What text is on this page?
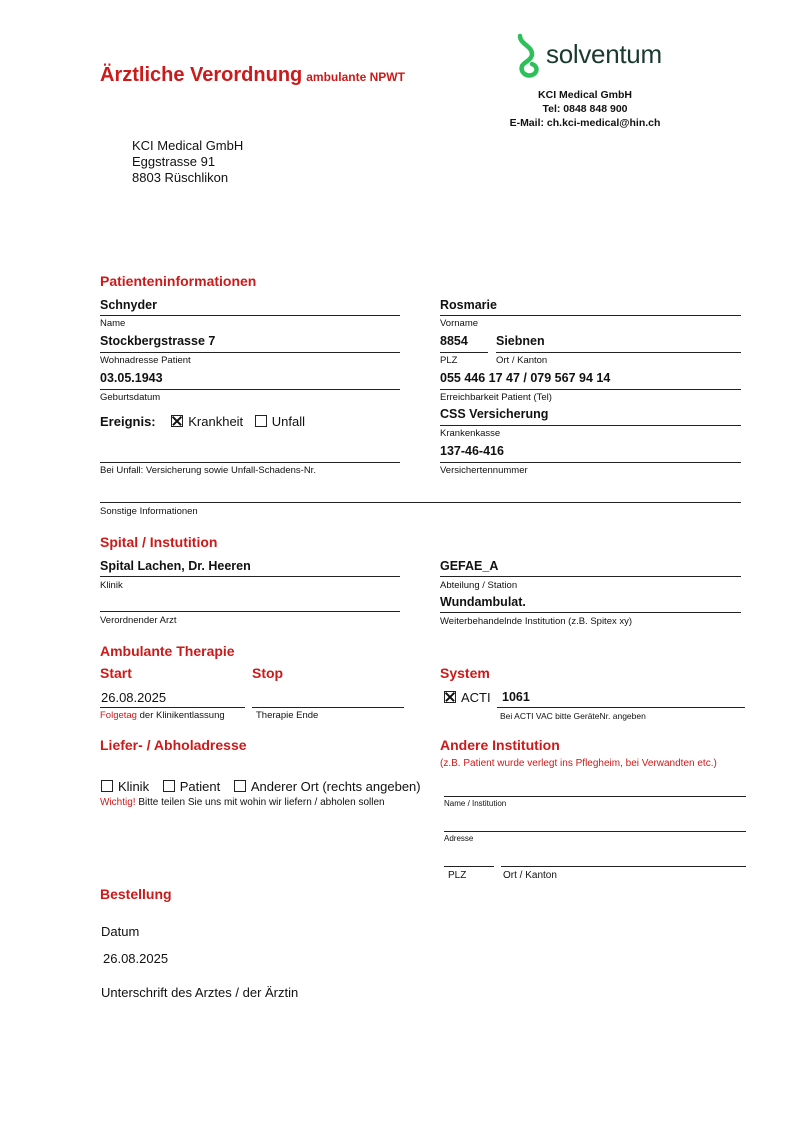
Ärztliche Verordnung ambulante NPWT
solventum
KCI Medical GmbH
Tel: 0848 848 900
E-Mail: ch.kci-medical@hin.ch
KCI Medical GmbH
Eggstrasse 91
8803 Rüschlikon
Patienteninformationen
Schnyder
Name
Rosmarie
Vorname
Stockbergstrasse 7
Wohnadresse Patient
8854
PLZ
Siebnen
Ort / Kanton
03.05.1943
Geburtsdatum
055 446 17 47 / 079 567 94 14
Erreichbarkeit Patient (Tel)
Ereignis:	Krankheit Unfall	CSS Versicherung
Krankenkasse
137-46-416
Versichertennummer
Bei Unfall: Versicherung sowie Unfall-Schadens-Nr.
Sonstige Informationen
Spital / Instutition
Spital Lachen, Dr. Heeren
Klinik
GEFAE_A
Abteilung / Station
Verordnender Arzt
Wundambulat.
Weiterbehandelnde Institution (z.B. Spitex xy)
Ambulante Therapie
Start	Stop	System
26.08.2025
Folgetag der Klinikentlassung	Therapie Ende
ACTI 1061
Bei ACTI VAC bitte GeräteNr. angeben
Liefer- / Abholadresse
Klinik Patient Anderer Ort (rechts angeben)
Wichtig! Bitte teilen Sie uns mit wohin wir liefern / abholen sollen
Andere Institution
(z.B. Patient wurde verlegt ins Pflegheim, bei Verwandten etc.)
Name / Institution
Adresse
PLZ	Ort / Kanton
Bestellung
Datum
26.08.2025
Unterschrift des Arztes / der Ärztin
